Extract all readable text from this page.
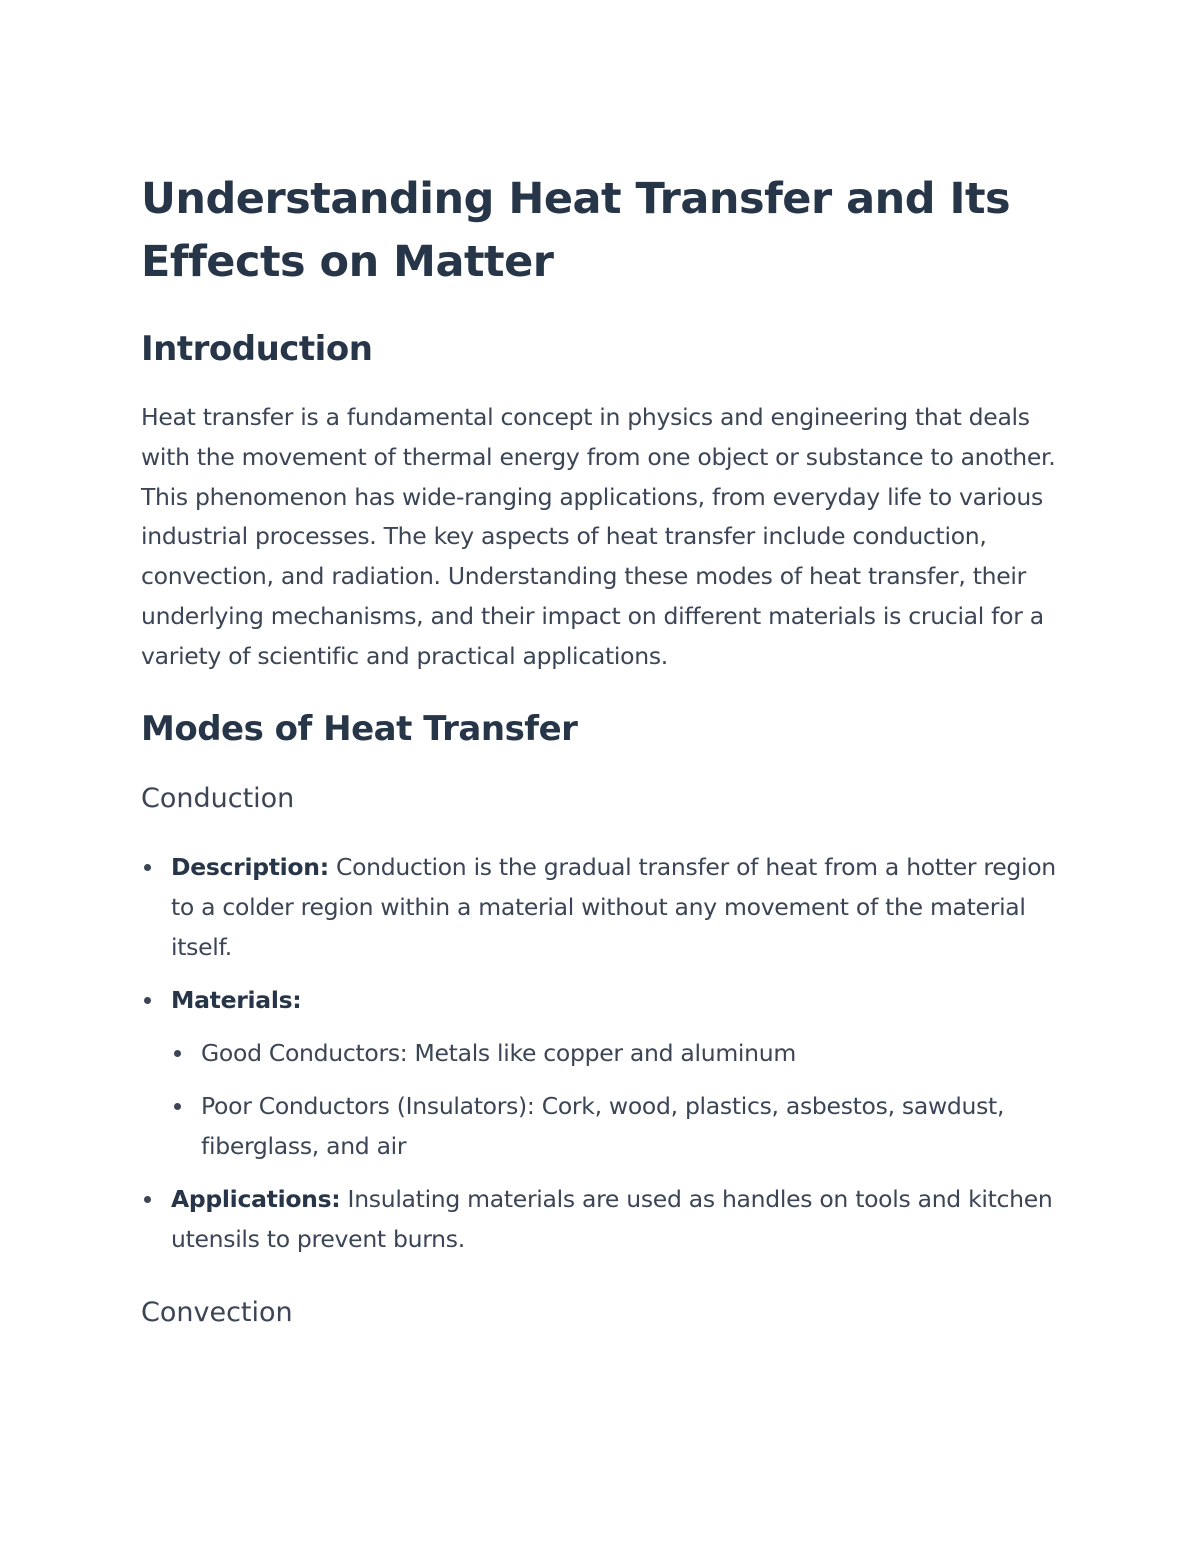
Understanding Heat Transfer and Its Effects on Matter
Introduction

Heat transfer is a fundamental concept in physics and engineering that deals with the movement of thermal energy from one object or substance to another. This phenomenon has wide-ranging applications, from everyday life to various industrial processes. The key aspects of heat transfer include conduction, convection, and radiation. Understanding these modes of heat transfer, their underlying mechanisms, and their impact on different materials is crucial for a variety of scientific and practical applications.

Modes of Heat Transfer
Conduction
Description: Conduction is the gradual transfer of heat from a hotter region to a colder region within a material without any movement of the material itself.
Materials:
Good Conductors: Metals like copper and aluminum
Poor Conductors (Insulators): Cork, wood, plastics, asbestos, sawdust, fiberglass, and air
Applications: Insulating materials are used as handles on tools and kitchen utensils to prevent burns.
Convection
